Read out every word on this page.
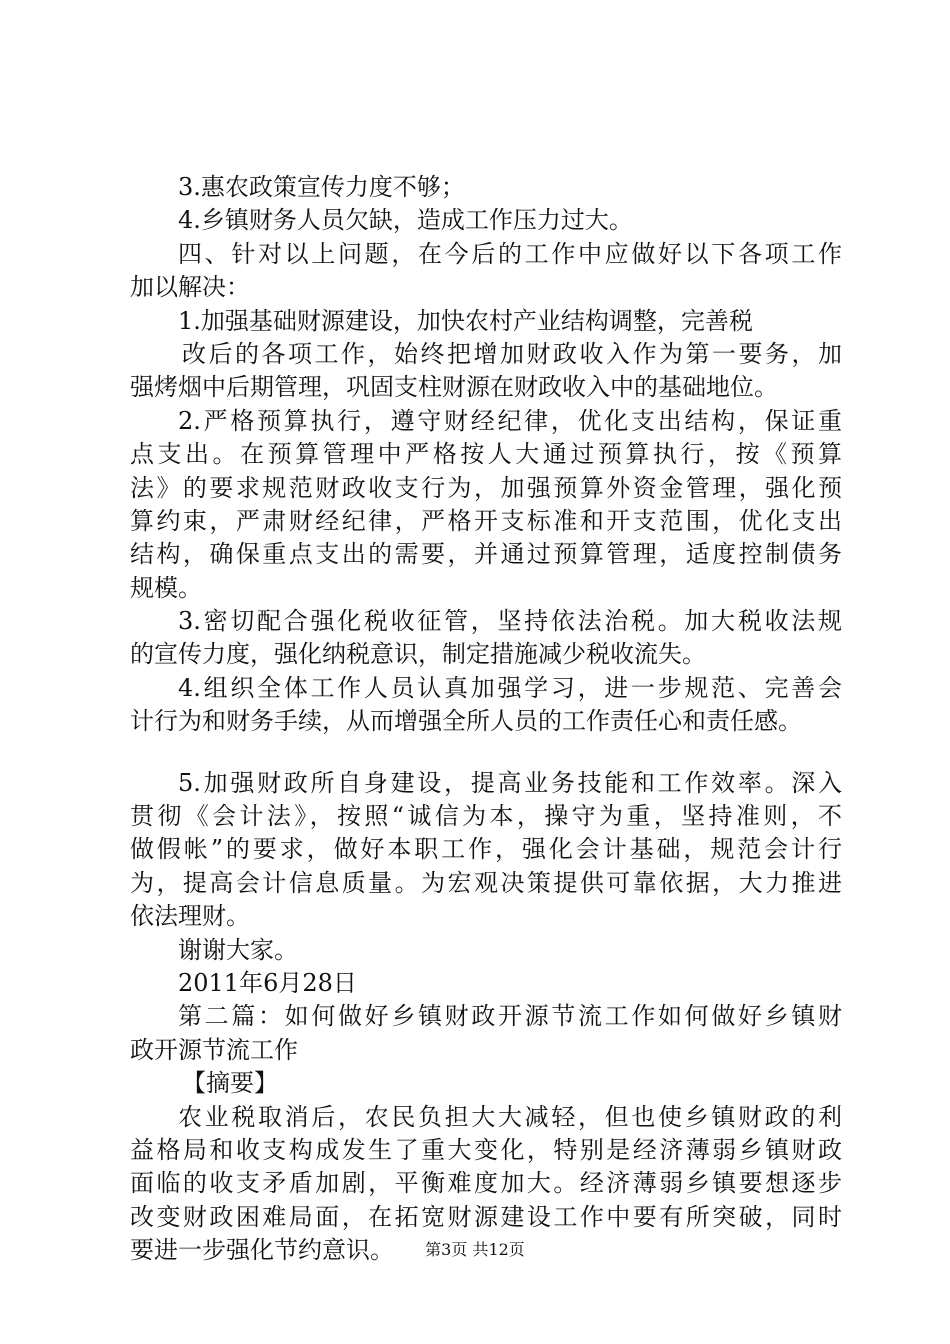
3.惠农政策宣传力度不够；
4.乡镇财务人员欠缺，造成工作压力过大。
四、针对以上问题，在今后的工作中应做好以下各项工作
加以解决：
1.加强基础财源建设，加快农村产业结构调整，完善税
改后的各项工作，始终把增加财政收入作为第一要务，加
强烤烟中后期管理，巩固支柱财源在财政收入中的基础地位。
2.严格预算执行，遵守财经纪律，优化支出结构，保证重
点支出。在预算管理中严格按人大通过预算执行，按《预算
法》的要求规范财政收支行为，加强预算外资金管理，强化预
算约束，严肃财经纪律，严格开支标准和开支范围，优化支出
结构，确保重点支出的需要，并通过预算管理，适度控制债务
规模。
3.密切配合强化税收征管，坚持依法治税。加大税收法规
的宣传力度，强化纳税意识，制定措施减少税收流失。
4.组织全体工作人员认真加强学习，进一步规范、完善会
计行为和财务手续，从而增强全所人员的工作责任心和责任感。
5.加强财政所自身建设，提高业务技能和工作效率。深入
贯彻《会计法》，按照“诚信为本，操守为重，坚持准则，不
做假帐”的要求，做好本职工作，强化会计基础，规范会计行
为，提高会计信息质量。为宏观决策提供可靠依据，大力推进
依法理财。
谢谢大家。
2011年6月28日
第二篇：如何做好乡镇财政开源节流工作如何做好乡镇财
政开源节流工作
【摘要】
农业税取消后，农民负担大大减轻，但也使乡镇财政的利
益格局和收支构成发生了重大变化，特别是经济薄弱乡镇财政
面临的收支矛盾加剧，平衡难度加大。经济薄弱乡镇要想逐步
改变财政困难局面，在拓宽财源建设工作中要有所突破，同时
要进一步强化节约意识。	第3页 共12页
